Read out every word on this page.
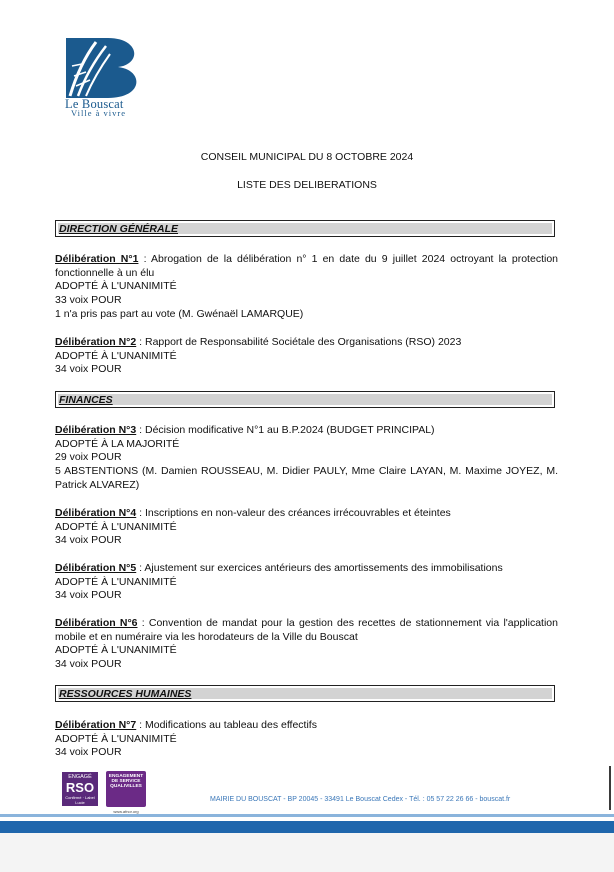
Le Bouscat
Ville à vivre
CONSEIL MUNICIPAL DU 8 OCTOBRE 2024
LISTE DES DELIBERATIONS
DIRECTION GÉNÉRALE
Délibération N°1 : Abrogation de la délibération n° 1 en date du 9 juillet 2024 octroyant la protection fonctionnelle à un élu
ADOPTÉ À L'UNANIMITÉ
33 voix POUR
1 n'a pris pas part au vote (M. Gwénaël LAMARQUE)
Délibération N°2 : Rapport de Responsabilité Sociétale des Organisations (RSO) 2023
ADOPTÉ À L'UNANIMITÉ
34 voix POUR
FINANCES
Délibération N°3 : Décision modificative N°1 au B.P.2024 (BUDGET PRINCIPAL)
ADOPTÉ À LA MAJORITÉ
29 voix POUR
5 ABSTENTIONS (M. Damien ROUSSEAU, M. Didier PAULY, Mme Claire LAYAN, M. Maxime JOYEZ, M. Patrick ALVAREZ)
Délibération N°4 : Inscriptions en non-valeur des créances irrécouvrables et éteintes
ADOPTÉ À L'UNANIMITÉ
34 voix POUR
Délibération N°5 : Ajustement sur exercices antérieurs des amortissements des immobilisations
ADOPTÉ À L'UNANIMITÉ
34 voix POUR
Délibération N°6 : Convention de mandat pour la gestion des recettes de stationnement via l'application mobile et en numéraire via les horodateurs de la Ville du Bouscat
ADOPTÉ À L'UNANIMITÉ
34 voix POUR
RESSOURCES HUMAINES
Délibération N°7 : Modifications au tableau des effectifs
ADOPTÉ À L'UNANIMITÉ
34 voix POUR
ENGAGÉ
RSO
Confirmé · Label Lucie
ENGAGEMENT DE SERVICE QUALIVILLES
www.afnor.org
MAIRIE DU BOUSCAT - BP 20045 - 33491 Le Bouscat Cedex - Tél. : 05 57 22 26 66 - bouscat.fr
